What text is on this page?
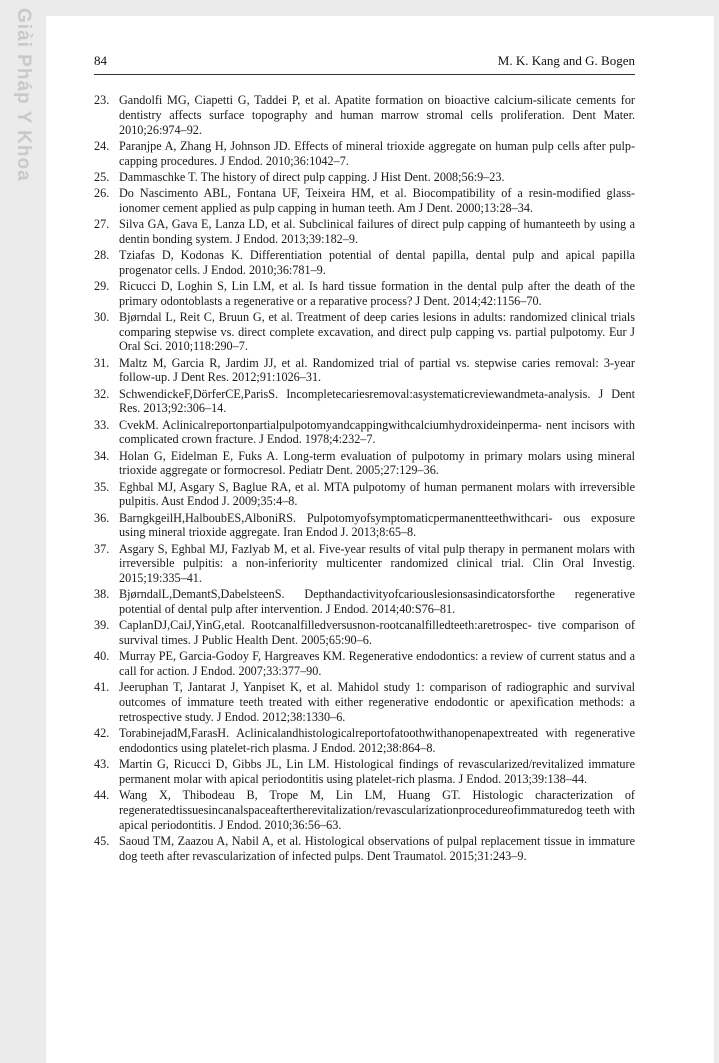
Giải Pháp Y Khoa	84	M. K. Kang and G. Bogen
23. Gandolfi MG, Ciapetti G, Taddei P, et al. Apatite formation on bioactive calcium-silicate cements for dentistry affects surface topography and human marrow stromal cells proliferation. Dent Mater. 2010;26:974–92.
24. Paranjpe A, Zhang H, Johnson JD. Effects of mineral trioxide aggregate on human pulp cells after pulp-capping procedures. J Endod. 2010;36:1042–7.
25. Dammaschke T. The history of direct pulp capping. J Hist Dent. 2008;56:9–23.
26. Do Nascimento ABL, Fontana UF, Teixeira HM, et al. Biocompatibility of a resin-modified glass-ionomer cement applied as pulp capping in human teeth. Am J Dent. 2000;13:28–34.
27. Silva GA, Gava E, Lanza LD, et al. Subclinical failures of direct pulp capping of humanteeth by using a dentin bonding system. J Endod. 2013;39:182–9.
28. Tziafas D, Kodonas K. Differentiation potential of dental papilla, dental pulp and apical papilla progenator cells. J Endod. 2010;36:781–9.
29. Ricucci D, Loghin S, Lin LM, et al. Is hard tissue formation in the dental pulp after the death of the primary odontoblasts a regenerative or a reparative process? J Dent. 2014;42:1156–70.
30. Bjørndal L, Reit C, Bruun G, et al. Treatment of deep caries lesions in adults: randomized clinical trials comparing stepwise vs. direct complete excavation, and direct pulp capping vs. partial pulpotomy. Eur J Oral Sci. 2010;118:290–7.
31. Maltz M, Garcia R, Jardim JJ, et al. Randomized trial of partial vs. stepwise caries removal: 3-year follow-up. J Dent Res. 2012;91:1026–31.
32. SchwendickeF,DörferCE,ParisS. Incompletecariesremoval:asystematicreviewandmeta-analysis. J Dent Res. 2013;92:306–14.
33. CvekM. Aclinicalreportonpartialpulpotomyandcappingwithcalciumhydroxideinperma- nent incisors with complicated crown fracture. J Endod. 1978;4:232–7.
34. Holan G, Eidelman E, Fuks A. Long-term evaluation of pulpotomy in primary molars using mineral trioxide aggregate or formocresol. Pediatr Dent. 2005;27:129–36.
35. Eghbal MJ, Asgary S, Baglue RA, et al. MTA pulpotomy of human permanent molars with irreversible pulpitis. Aust Endod J. 2009;35:4–8.
36. BarngkgeilH,HalboubES,AlboniRS. Pulpotomyofsymptomaticpermanentteethwithcari- ous exposure using mineral trioxide aggregate. Iran Endod J. 2013;8:65–8.
37. Asgary S, Eghbal MJ, Fazlyab M, et al. Five-year results of vital pulp therapy in permanent molars with irreversible pulpitis: a non-inferiority multicenter randomized clinical trial. Clin Oral Investig. 2015;19:335–41.
38. BjørndalL,DemantS,DabelsteenS. Depthandactivityofcariouslesionsasindicatorsforthe regenerative potential of dental pulp after intervention. J Endod. 2014;40:S76–81.
39. CaplanDJ,CaiJ,YinG,etal. Rootcanalfilledversusnon-rootcanalfilledteeth:aretrospec- tive comparison of survival times. J Public Health Dent. 2005;65:90–6.
40. Murray PE, Garcia-Godoy F, Hargreaves KM. Regenerative endodontics: a review of current status and a call for action. J Endod. 2007;33:377–90.
41. Jeeruphan T, Jantarat J, Yanpiset K, et al. Mahidol study 1: comparison of radiographic and survival outcomes of immature teeth treated with either regenerative endodontic or apexification methods: a retrospective study. J Endod. 2012;38:1330–6.
42. TorabinejadM,FarasH. Aclinicalandhistologicalreportofatoothwithanopenapextreated with regenerative endodontics using platelet-rich plasma. J Endod. 2012;38:864–8.
43. Martin G, Ricucci D, Gibbs JL, Lin LM. Histological findings of revascularized/revitalized immature permanent molar with apical periodontitis using platelet-rich plasma. J Endod. 2013;39:138–44.
44. Wang X, Thibodeau B, Trope M, Lin LM, Huang GT. Histologic characterization of regeneratedtissuesincanalspaceaftertherevitalization/revascularizationprocedureofimmaturedog teeth with apical periodontitis. J Endod. 2010;36:56–63.
45. Saoud TM, Zaazou A, Nabil A, et al. Histological observations of pulpal replacement tissue in immature dog teeth after revascularization of infected pulps. Dent Traumatol. 2015;31:243–9.
